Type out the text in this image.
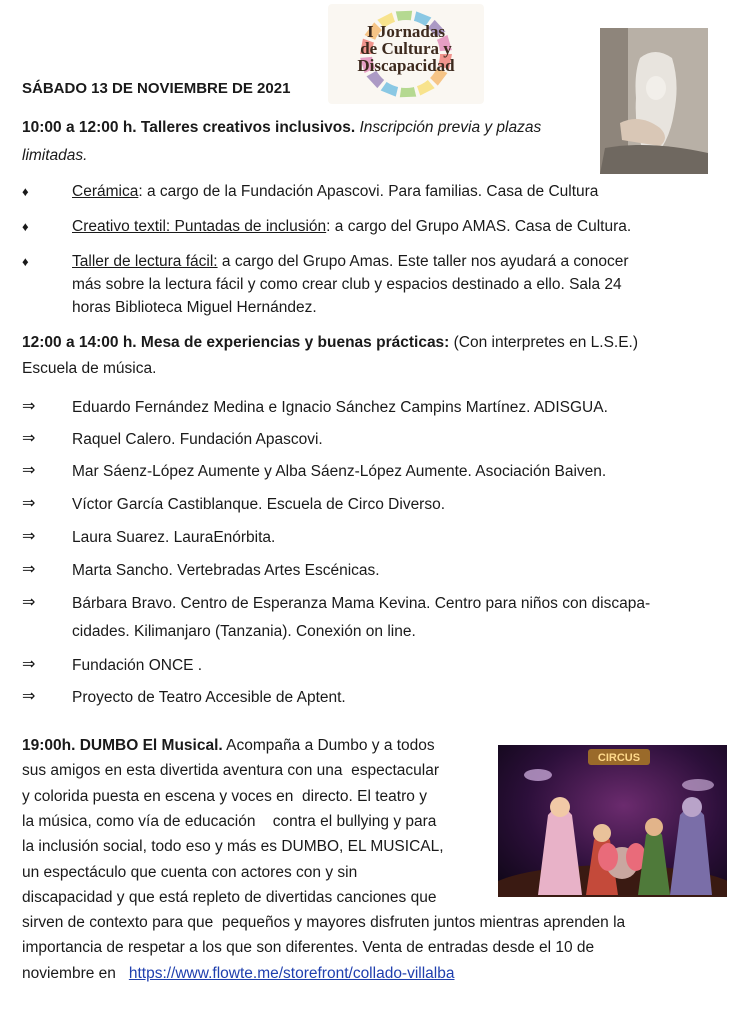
I Jornadas
de Cultura y
Discapacidad
SÁBADO 13 DE NOVIEMBRE DE 2021
10:00 a 12:00 h. Talleres creativos inclusivos. Inscripción previa y plazas
limitadas.
♦	Cerámica: a cargo de la Fundación Apascovi. Para familias. Casa de Cultura
♦	Creativo textil: Puntadas de inclusión: a cargo del Grupo AMAS. Casa de Cultura.
♦	Taller de lectura fácil: a cargo del Grupo Amas. Este taller nos ayudará a conocer
más sobre la lectura fácil y como crear club y espacios destinado a ello. Sala 24
horas Biblioteca Miguel Hernández.
12:00 a 14:00 h. Mesa de experiencias y buenas prácticas: (Con interpretes en L.S.E.)
Escuela de música.
⇒	Eduardo Fernández Medina e Ignacio Sánchez Campins Martínez. ADISGUA.
⇒	Raquel Calero. Fundación Apascovi.
⇒	Mar Sáenz-López Aumente y Alba Sáenz-López Aumente. Asociación Baiven.
⇒	Víctor García Castiblanque. Escuela de Circo Diverso.
⇒	Laura Suarez. LauraEnórbita.
⇒	Marta Sancho. Vertebradas Artes Escénicas.
⇒	Bárbara Bravo. Centro de Esperanza Mama Kevina. Centro para niños con discapa-
cidades. Kilimanjaro (Tanzania). Conexión on line.
⇒	Fundación ONCE .
⇒	Proyecto de Teatro Accesible de Aptent.
CIRCUS
19:00h. DUMBO El Musical. Acompaña a Dumbo y a todos
sus amigos en esta divertida aventura con una  espectacular
y colorida puesta en escena y voces en  directo. El teatro y
la música, como vía de educación    contra el bullying y para
la inclusión social, todo eso y más es DUMBO, EL MUSICAL,
un espectáculo que cuenta con actores con y sin
discapacidad y que está repleto de divertidas canciones que
sirven de contexto para que  pequeños y mayores disfruten juntos mientras aprenden la
importancia de respetar a los que son diferentes. Venta de entradas desde el 10 de
noviembre en   https://www.flowte.me/storefront/collado-villalba
